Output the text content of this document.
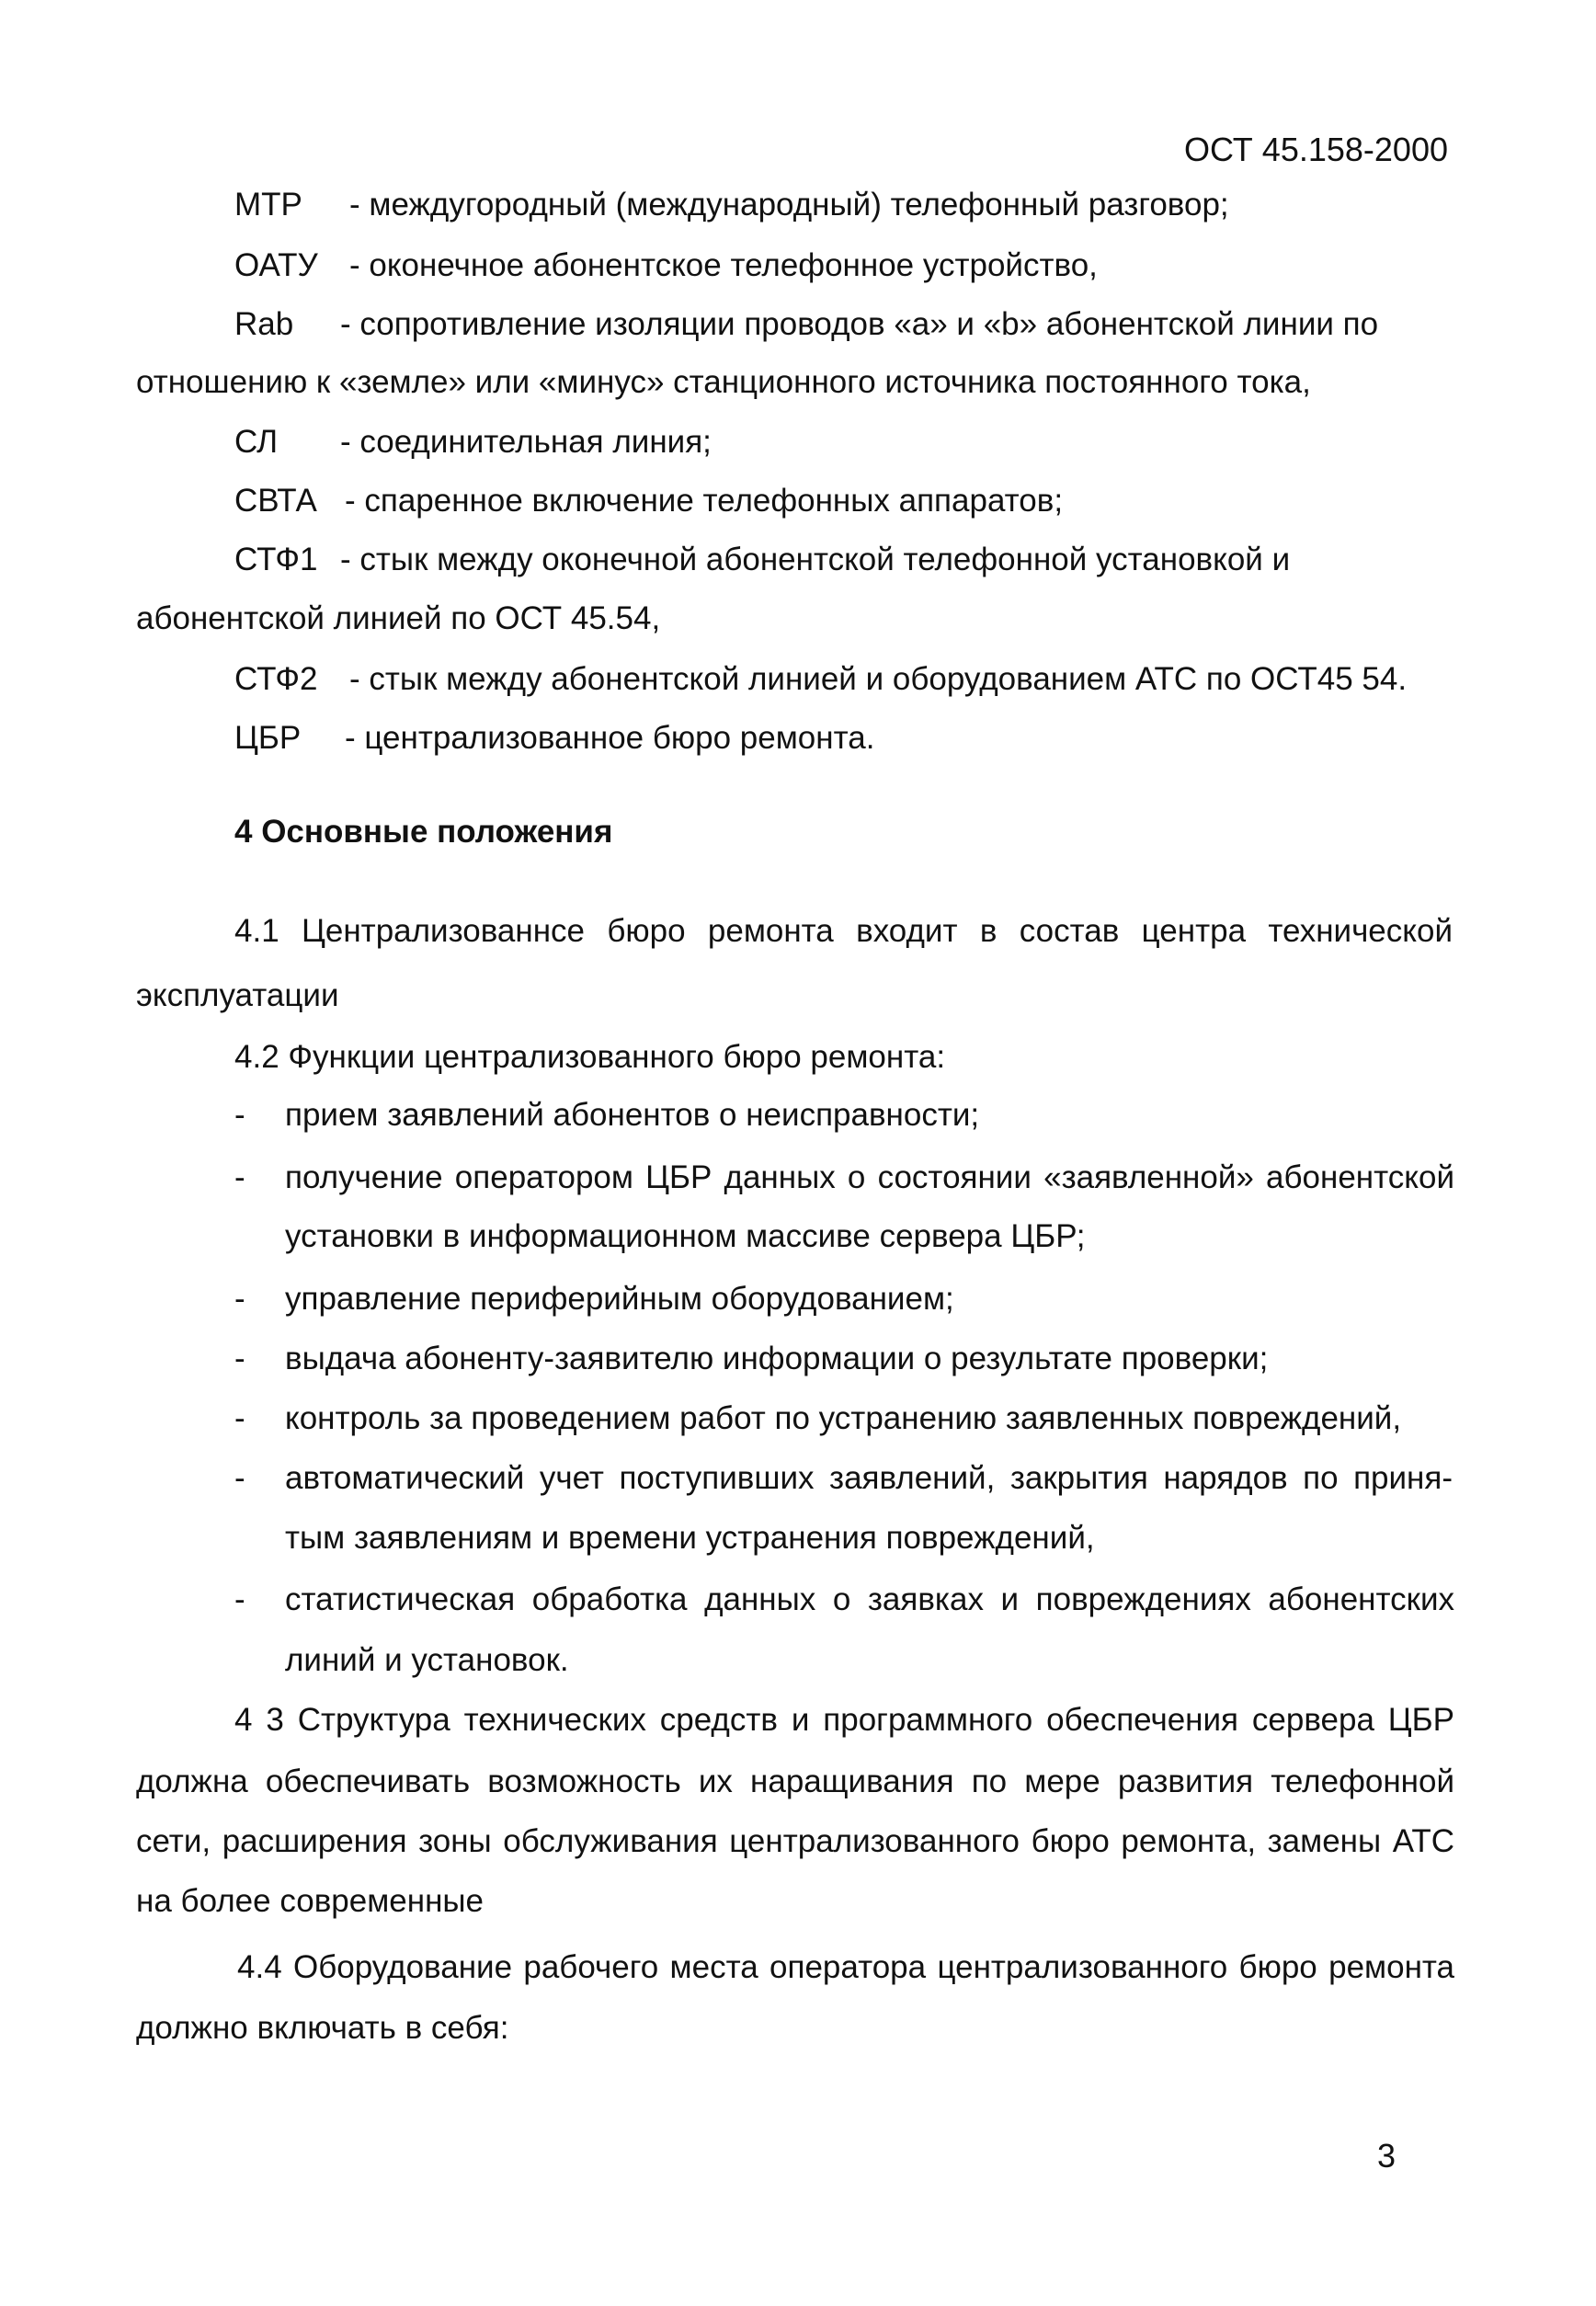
ОСТ 45.158-2000
МТР - междугородный (международный) телефонный разговор;
ОАТУ - оконечное абонентское телефонное устройство,
Rab - сопротивление изоляции проводов «a» и «b» абонентской линии по
отношению к «земле» или «минус» станционного источника постоянного тока,
СЛ - соединительная линия;
СВТА - спаренное включение телефонных аппаратов;
СТФ1 - стык между оконечной абонентской телефонной установкой и
абонентской линией по ОСТ 45.54,
СТФ2 - стык между абонентской линией и оборудованием АТС по ОСТ45 54.
ЦБР - централизованное бюро ремонта.
4 Основные положения
4.1 Централизованнсе бюро ремонта входит в состав центра технической
эксплуатации
4.2 Функции централизованного бюро ремонта:
- прием заявлений абонентов о неисправности;
- получение оператором ЦБР данных о состоянии «заявленной» абонентской
установки в информационном массиве сервера ЦБР;
- управление периферийным оборудованием;
- выдача абоненту-заявителю информации о результате проверки;
- контроль за проведением работ по устранению заявленных повреждений,
- автоматический учет поступивших заявлений, закрытия нарядов по приня-
тым заявлениям и времени устранения повреждений,
- статистическая обработка данных о заявках и повреждениях абонентских
линий и установок.
4 3 Структура технических средств и программного обеспечения сервера ЦБР
должна обеспечивать возможность их наращивания по мере развития телефонной
сети, расширения зоны обслуживания централизованного бюро ремонта, замены АТС
на более современные
4.4 Оборудование рабочего места оператора централизованного бюро ремонта
должно включать в себя:
3
